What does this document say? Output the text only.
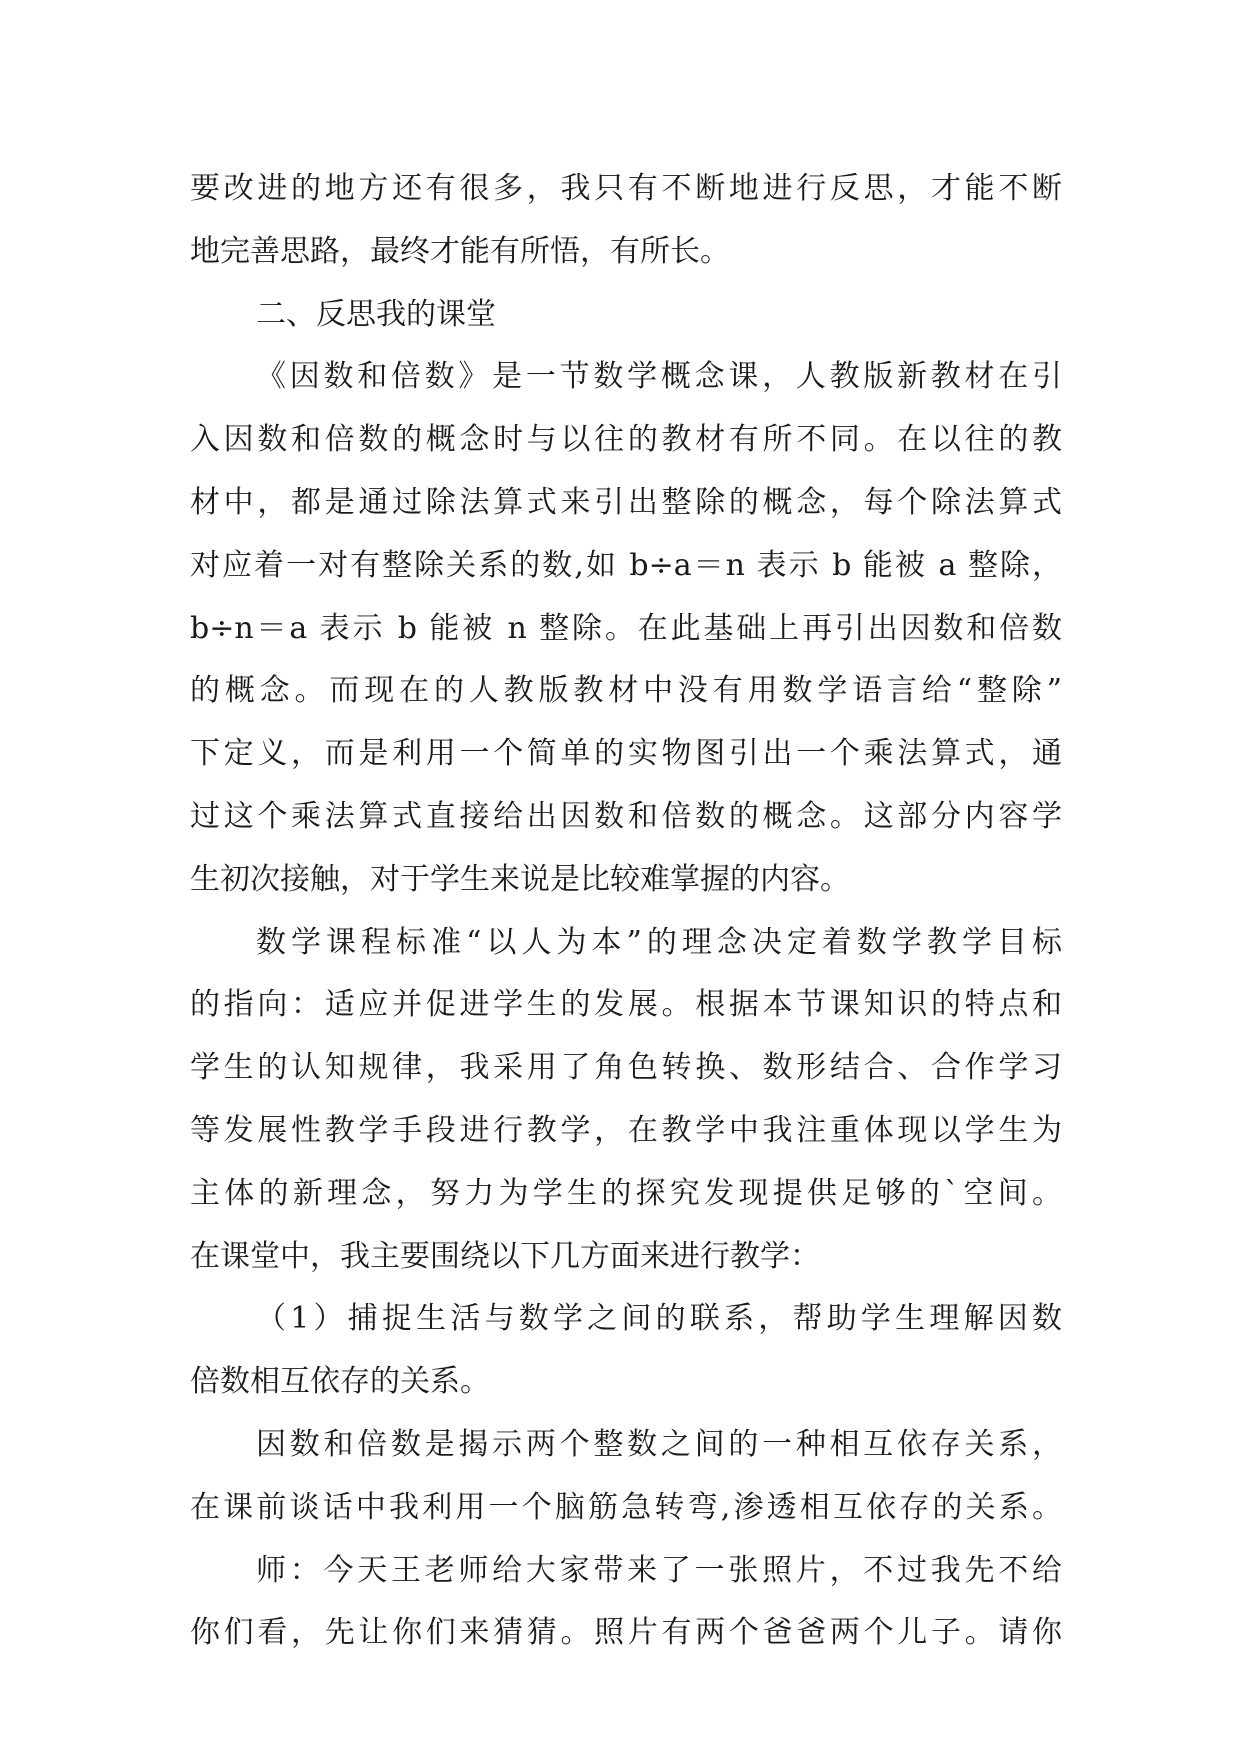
要改进的地方还有很多，我只有不断地进行反思，才能不断
地完善思路，最终才能有所悟，有所长。
二、反思我的课堂
《因数和倍数》是一节数学概念课，人教版新教材在引
入因数和倍数的概念时与以往的教材有所不同。在以往的教
材中，都是通过除法算式来引出整除的概念，每个除法算式
对应着一对有整除关系的数,如 b÷a＝n 表示 b 能被 a 整除，
b÷n＝a 表示 b 能被 n 整除。在此基础上再引出因数和倍数
的概念。而现在的人教版教材中没有用数学语言给“整除”
下定义，而是利用一个简单的实物图引出一个乘法算式，通
过这个乘法算式直接给出因数和倍数的概念。这部分内容学
生初次接触，对于学生来说是比较难掌握的内容。
数学课程标准“以人为本”的理念决定着数学教学目标
的指向：适应并促进学生的发展。根据本节课知识的特点和
学生的认知规律，我采用了角色转换、数形结合、合作学习
等发展性教学手段进行教学，在教学中我注重体现以学生为
主体的新理念，努力为学生的探究发现提供足够的`空间。
在课堂中，我主要围绕以下几方面来进行教学：
（1）捕捉生活与数学之间的联系，帮助学生理解因数
倍数相互依存的关系。
因数和倍数是揭示两个整数之间的一种相互依存关系，
在课前谈话中我利用一个脑筋急转弯,渗透相互依存的关系。
师：今天王老师给大家带来了一张照片，不过我先不给
你们看，先让你们来猜猜。照片有两个爸爸两个儿子。请你
